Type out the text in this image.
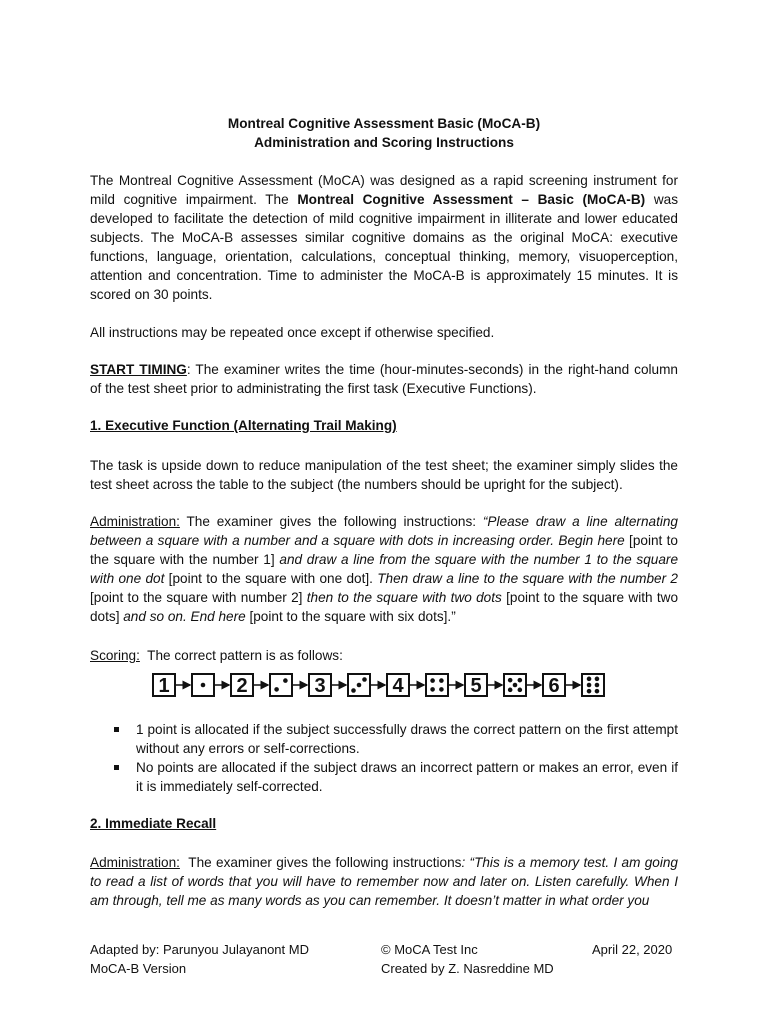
Montreal Cognitive Assessment Basic (MoCA-B)
Administration and Scoring Instructions
The Montreal Cognitive Assessment (MoCA) was designed as a rapid screening instrument for mild cognitive impairment. The Montreal Cognitive Assessment – Basic (MoCA-B) was developed to facilitate the detection of mild cognitive impairment in illiterate and lower educated subjects. The MoCA-B assesses similar cognitive domains as the original MoCA: executive functions, language, orientation, calculations, conceptual thinking, memory, visuoperception, attention and concentration. Time to administer the MoCA-B is approximately 15 minutes. It is scored on 30 points.
All instructions may be repeated once except if otherwise specified.
START TIMING: The examiner writes the time (hour-minutes-seconds) in the right-hand column of the test sheet prior to administrating the first task (Executive Functions).
1. Executive Function (Alternating Trail Making)
The task is upside down to reduce manipulation of the test sheet; the examiner simply slides the test sheet across the table to the subject (the numbers should be upright for the subject).
Administration: The examiner gives the following instructions: “Please draw a line alternating between a square with a number and a square with dots in increasing order. Begin here [point to the square with the number 1] and draw a line from the square with the number 1 to the square with one dot [point to the square with one dot]. Then draw a line to the square with the number 2 [point to the square with number 2] then to the square with two dots [point to the square with two dots] and so on. End here [point to the square with six dots].”
Scoring:  The correct pattern is as follows:
1	2	3	4	5	6
1 point is allocated if the subject successfully draws the correct pattern on the first attempt without any errors or self-corrections.
No points are allocated if the subject draws an incorrect pattern or makes an error, even if it is immediately self-corrected.
2. Immediate Recall
Administration:  The examiner gives the following instructions: “This is a memory test. I am going to read a list of words that you will have to remember now and later on. Listen carefully. When I am through, tell me as many words as you can remember. It doesn’t matter in what order you
Adapted by: Parunyou Julayanont MD
MoCA-B Version
© MoCA Test Inc
Created by Z. Nasreddine MD
April 22, 2020
